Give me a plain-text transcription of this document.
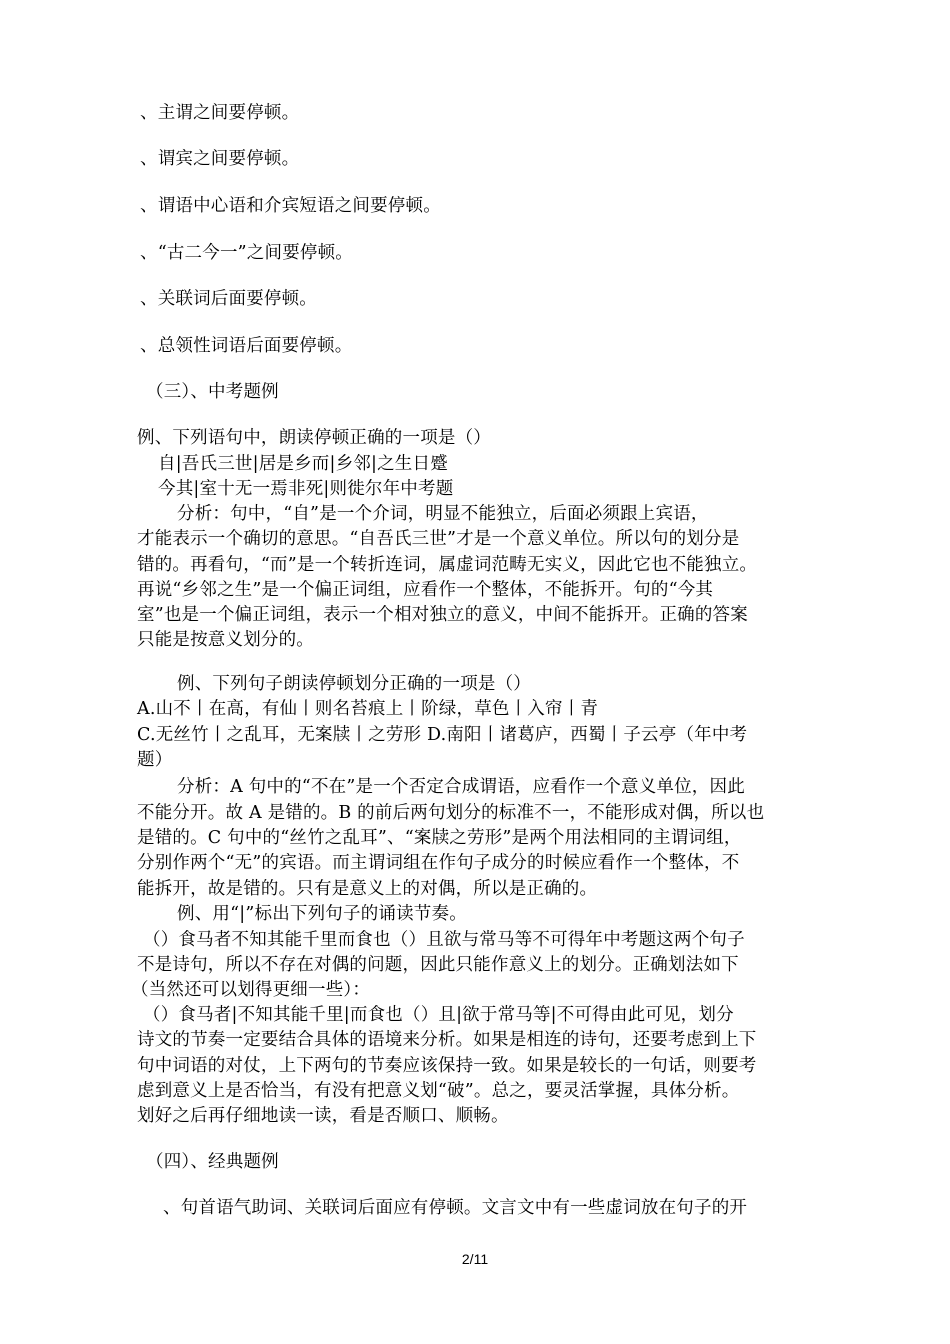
、主谓之间要停顿。
、谓宾之间要停顿。
、谓语中心语和介宾短语之间要停顿。
、“古二今一”之间要停顿。
、关联词后面要停顿。
、总领性词语后面要停顿。
（三）、中考题例
例、下列语句中，朗读停顿正确的一项是（）
自|吾氏三世|居是乡而|乡邻|之生日蹙
今其|室十无一焉非死|则徙尔年中考题
分析：句中，“自”是一个介词，明显不能独立，后面必须跟上宾语，
才能表示一个确切的意思。“自吾氏三世”才是一个意义单位。所以句的划分是
错的。再看句，“而”是一个转折连词，属虚词范畴无实义，因此它也不能独立。
再说“乡邻之生”是一个偏正词组，应看作一个整体，不能拆开。句的“今其
室”也是一个偏正词组，表示一个相对独立的意义，中间不能拆开。正确的答案
只能是按意义划分的。
例、下列句子朗读停顿划分正确的一项是（）
A.山不丨在高，有仙丨则名苔痕上丨阶绿，草色丨入帘丨青
C.无丝竹丨之乱耳，无案牍丨之劳形 D.南阳丨诸葛庐，西蜀丨子云亭（年中考
题）
分析：A 句中的“不在”是一个否定合成谓语，应看作一个意义单位，因此
不能分开。故 A 是错的。B 的前后两句划分的标准不一，不能形成对偶，所以也
是错的。C 句中的“丝竹之乱耳”、“案牍之劳形”是两个用法相同的主谓词组，
分别作两个“无”的宾语。而主谓词组在作句子成分的时候应看作一个整体，不
能拆开，故是错的。只有是意义上的对偶，所以是正确的。
例、用“|”标出下列句子的诵读节奏。
（）食马者不知其能千里而食也（）且欲与常马等不可得年中考题这两个句子
不是诗句，所以不存在对偶的问题，因此只能作意义上的划分。正确划法如下
（当然还可以划得更细一些）：
（）食马者|不知其能千里|而食也（）且|欲于常马等|不可得由此可见，划分
诗文的节奏一定要结合具体的语境来分析。如果是相连的诗句，还要考虑到上下
句中词语的对仗，上下两句的节奏应该保持一致。如果是较长的一句话，则要考
虑到意义上是否恰当，有没有把意义划“破”。总之，要灵活掌握，具体分析。
划好之后再仔细地读一读，看是否顺口、顺畅。
（四）、经典题例
、句首语气助词、关联词后面应有停顿。文言文中有一些虚词放在句子的开
2/11
